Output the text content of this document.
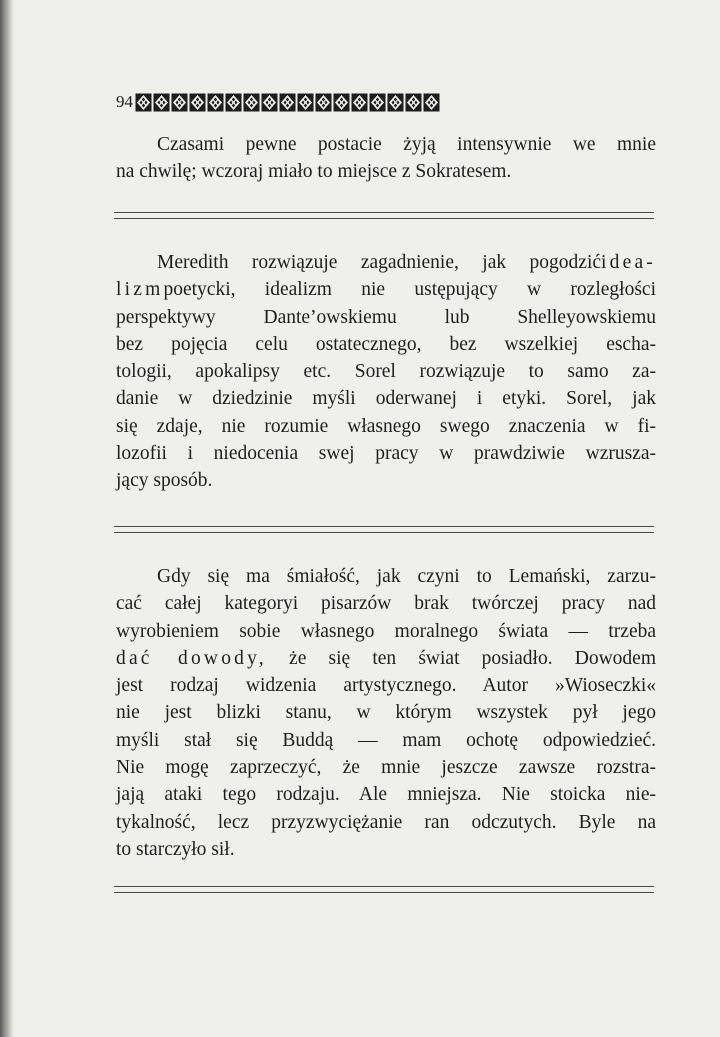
94
Czasami pewne postacie żyją intensywnie we mnie
na chwilę; wczoraj miało to miejsce z Sokratesem.
Meredith rozwiązuje zagadnienie, jak pogodzićidea-
lizmpoetycki, idealizm nie ustępujący w rozległości
perspektywy Dante’owskiemu lub Shelleyowskiemu
bez pojęcia celu ostatecznego, bez wszelkiej escha-
tologii, apokalipsy etc. Sorel rozwiązuje to samo za-
danie w dziedzinie myśli oderwanej i etyki. Sorel, jak
się zdaje, nie rozumie własnego swego znaczenia w fi-
lozofii i niedocenia swej pracy w prawdziwie wzrusza-
jący sposób.
Gdy się ma śmiałość, jak czyni to Lemański, zarzu-
cać całej kategoryi pisarzów brak twórczej pracy nad
wyrobieniem sobie własnego moralnego świata — trzeba
dać dowody, że się ten świat posiadło. Dowodem
jest rodzaj widzenia artystycznego. Autor »Wioseczki«
nie jest blizki stanu, w którym wszystek pył jego
myśli stał się Buddą — mam ochotę odpowiedzieć.
Nie mogę zaprzeczyć, że mnie jeszcze zawsze rozstra-
jają ataki tego rodzaju. Ale mniejsza. Nie stoicka nie-
tykalność, lecz przyzwyciężanie ran odczutych. Byle na
to starczyło sił.
